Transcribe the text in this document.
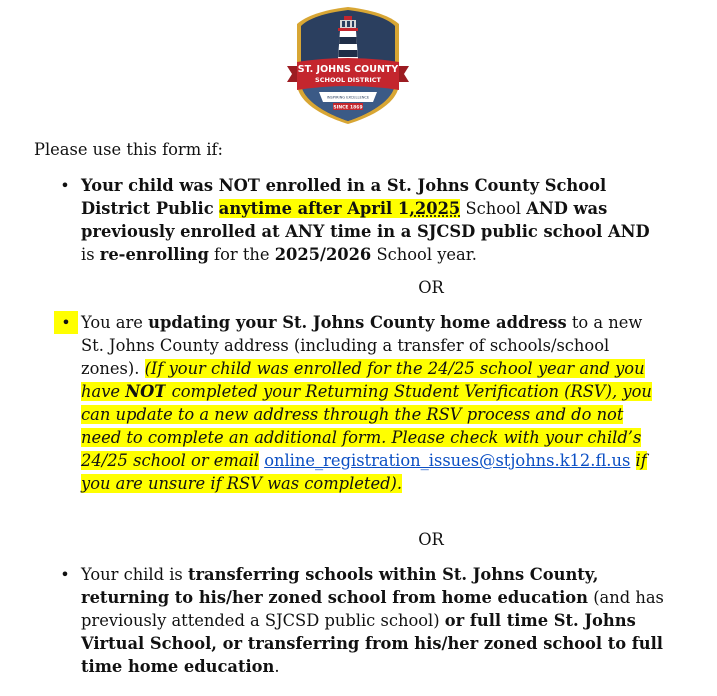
ST. JOHNS COUNTY
SCHOOL DISTRICT
INSPIRING EXCELLENCE
SINCE 1869
Please use this form if:
• Your child was NOT enrolled in a St. Johns County School District Public anytime after April 1,2025 School AND was previously enrolled at ANY time in a SJCSD public school AND is re-enrolling for the 2025/2026 School year.

OR
• You are updating your St. Johns County home address to a new St. Johns County address (including a transfer of schools/school zones). (If your child was enrolled for the 24/25 school year and you have NOT completed your Returning Student Verification (RSV), you can update to a new address through the RSV process and do not need to complete an additional form. Please check with your child’s 24/25 school or email online_registration_issues@stjohns.k12.fl.us if you are unsure if RSV was completed).

OR
• Your child is transferring schools within St. Johns County, returning to his/her zoned school from home education (and has previously attended a SJCSD public school) or full time St. Johns Virtual School, or transferring from his/her zoned school to full time home education.
